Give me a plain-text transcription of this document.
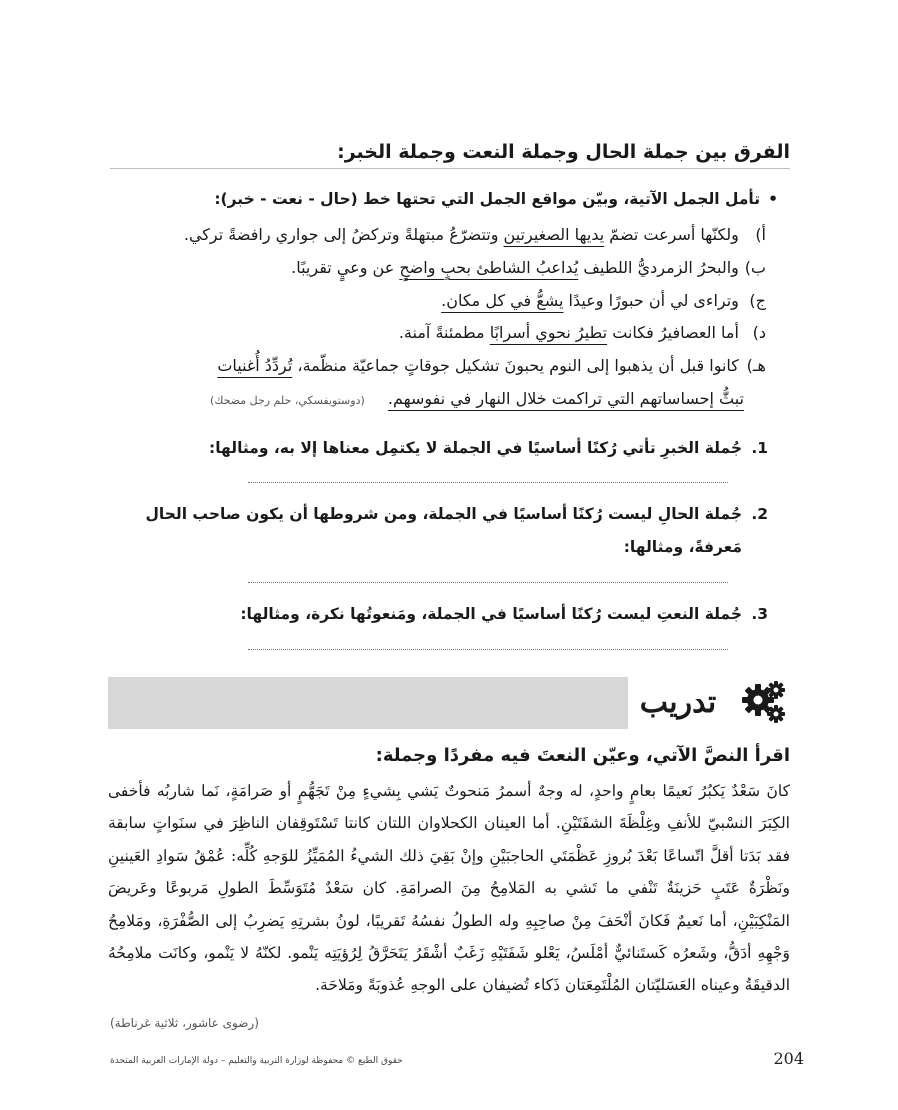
الفرق بين جملة الحال وجملة النعت وجملة الخبر:
•تأمل الجمل الآتية، وبيّن مواقع الجمل التي تحتها خط (حال - نعت - خبر):
أ) ولكنّها أسرعت تضمّ يديها الصغيرتين وتتضرّعُ مبتهلةً وتركضُ إلى جواري رافضةً تركي.
ب) والبحرُ الزمرديُّ اللطيف يُداعبُ الشاطئ بحبٍ واضحٍ عن وعيٍ تقريبًا.
ج) وتراءى لي أن حبورًا وعيدًا يشعُّ في كل مكان.
د) أما العصافيرُ فكانت تطيرُ نحوي أسرابًا مطمئنةً آمنة.
هـ) كانوا قبل أن يذهبوا إلى النوم يحبونَ تشكيل جوقاتٍ جماعيّة منظّمة، تُردِّدُ أُغنيات
تبثُّ إحساساتهم التي تراكمت خلال النهار في نفوسهم. (دوستويفسكي، حلم رجل مضحك)
1.جُملة الخبرِ تأتي رُكنًا أساسيًا في الجملة لا يكتمِل معناها إلا به، ومثالها:
2.جُملة الحالِ ليست رُكنًا أساسيًا في الجملة، ومن شروطها أن يكون صاحب الحال
مَعرفةً، ومثالها:
3.جُملة النعتِ ليست رُكنًا أساسيًا في الجملة، ومَنعوتُها نكرة، ومثالها:
تدريب
اقرأ النصَّ الآتي، وعيّن النعتَ فيه مفردًا وجملة:
كانَ سَعْدٌ يَكبُرُ نَعيمًا بعامٍ واحدٍ، له وجهٌ أسمرُ مَنحوتٌ يَشي بِشيءٍ مِنْ تَجَهُّمٍ أو صَرامَةٍ، نَما شاربُه فأخفى الكِبَرَ النسْبيّ للأنفِ وغِلْظَةَ الشفَتَيْنِ. أما العينان الكحلاوان اللتان كانتا تَسْتَوقِفان الناظِرَ في سنَواتٍ سابقة فقد بَدَتا أقلَّ اتّساعًا بَعْدَ بُروزِ عَظْمَتَي الحاجبَيْنِ وإنْ بَقِيَ ذلك الشيءُ المُمَيِّزُ للوَجهِ كُلِّه: عُمْقُ سَوادِ العَينينِ ونَظْرَةٌ عَتَبٍ حَزينَةٌ تَنْفي ما تَشي به المَلامِحُ مِنَ الصرامَةِ. كان سَعْدٌ مُتَوَسِّطَ الطولِ مَربوعًا وعَريضَ المَنْكِبَيْنِ، أما نَعيمٌ فَكانَ أنْحَفَ مِنْ صاحِبِهِ وله الطولُ نفسُهُ تَقريبًا، لونُ بشرتِهِ يَضرِبُ إلى الصُّفْرَةِ، ومَلامِحُ وَجْهِهِ أدَقُّ، وشَعرُه كَستَنائيٌّ أمْلَسُ، يَعْلو شَفَتَيْهِ زَغَبٌ أشْقَرُ يَتَحَرَّقُ لِرُؤيَتِه يَنْمو. لكنّهُ لا يَنْمو، وكانَت ملامِحُهُ الدقيقَةُ وعيناه العَسَليّتان المُلْتَمِعَتان ذَكاء تُضيفان على الوجهِ عُذوبَةً ومَلاحَة.
(رضوى عاشور، ثلاثية غرناطة)
حقوق الطبع © محفوظة لوزارة التربية والتعليم – دولة الإمارات العربية المتحدة	204
